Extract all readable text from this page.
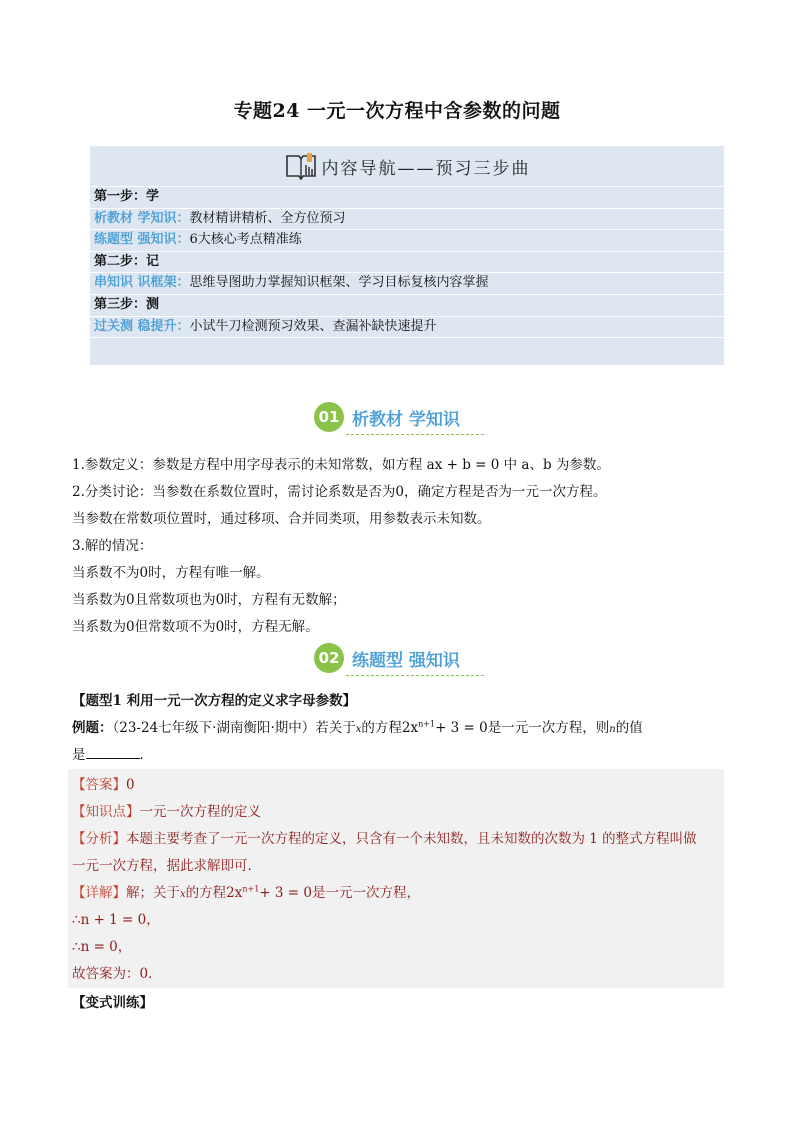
专题24 一元一次方程中含参数的问题
内容导航——预习三步曲
第一步：学
析教材 学知识：教材精讲精析、全方位预习
练题型 强知识：6大核心考点精准练
第二步：记
串知识 识框架：思维导图助力掌握知识框架、学习目标复核内容掌握
第三步：测
过关测 稳提升：小试牛刀检测预习效果、查漏补缺快速提升
01 析教材 学知识
1.参数定义：参数是方程中用字母表示的未知常数，如方程 ax + b = 0 中 a、b 为参数。
2.分类讨论：当参数在系数位置时，需讨论系数是否为0，确定方程是否为一元一次方程。
当参数在常数项位置时，通过移项、合并同类项，用参数表示未知数。
3.解的情况：
当系数不为0时，方程有唯一解。
当系数为0且常数项也为0时，方程有无数解；
当系数为0但常数项不为0时，方程无解。
02 练题型 强知识
【题型1 利用一元一次方程的定义求字母参数】
例题：（23-24七年级下·湖南衡阳·期中）若关于x的方程$2x^{n+1}+ 3 = 0$是一元一次方程，则n的值
是	．
【答案】0
【知识点】一元一次方程的定义
【分析】本题主要考查了一元一次方程的定义，只含有一个未知数，且未知数的次数为 1 的整式方程叫做
一元一次方程，据此求解即可．
【详解】解；关于x的方程$2x^{n+1}+ 3 = 0$是一元一次方程，
∴n + 1 = 0，
∴n = 0，
故答案为：0．
【变式训练】
